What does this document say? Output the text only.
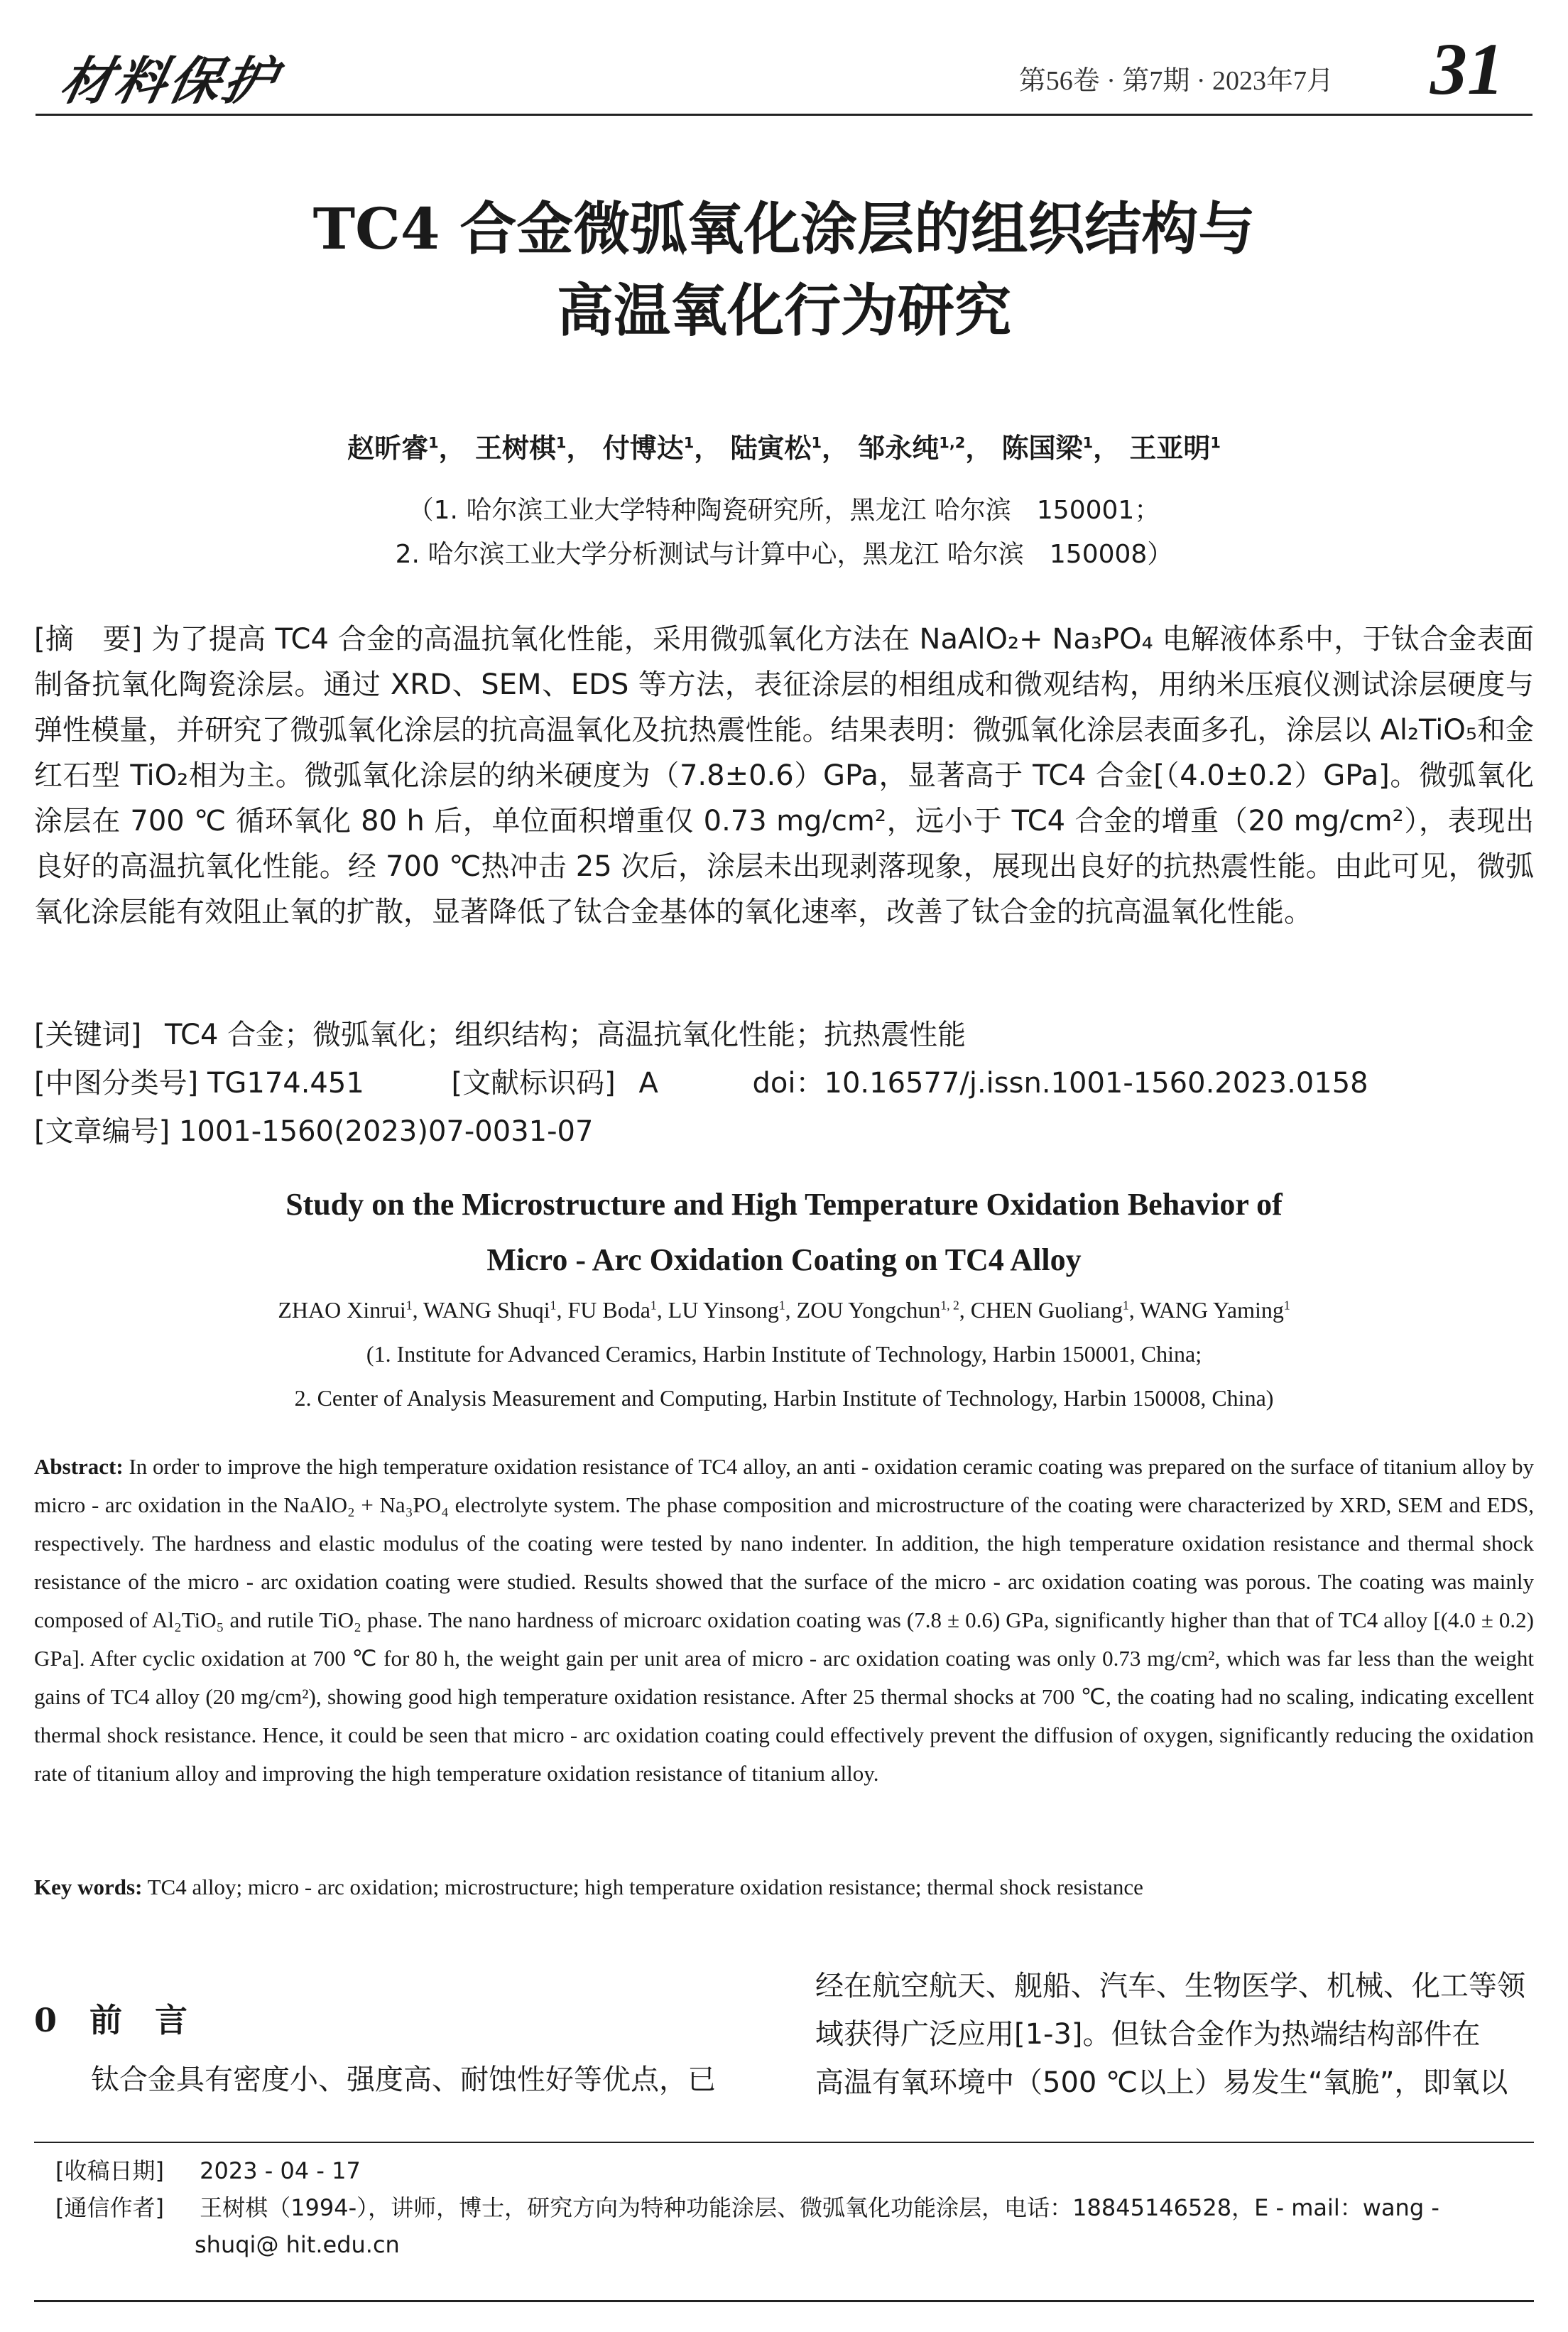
材料保护	第56卷 · 第7期 · 2023年7月 31
TC4 合金微弧氧化涂层的组织结构与
高温氧化行为研究
赵昕睿$^1$， 王树棋$^1$， 付博达$^1$， 陆寅松$^1$， 邹永纯$^{1,2}$， 陈国梁$^1$， 王亚明$^1$
（1. 哈尔滨工业大学特种陶瓷研究所，黑龙江 哈尔滨　150001；
2. 哈尔滨工业大学分析测试与计算中心，黑龙江 哈尔滨　150008）
[摘　要] 为了提高 TC4 合金的高温抗氧化性能，采用微弧氧化方法在 NaAlO₂+ Na₃PO₄ 电解液体系中，于钛合金表面制备抗氧化陶瓷涂层。通过 XRD、SEM、EDS 等方法，表征涂层的相组成和微观结构，用纳米压痕仪测试涂层硬度与弹性模量，并研究了微弧氧化涂层的抗高温氧化及抗热震性能。结果表明：微弧氧化涂层表面多孔，涂层以 Al₂TiO₅和金红石型 TiO₂相为主。微弧氧化涂层的纳米硬度为（7.8±0.6）GPa，显著高于 TC4 合金[（4.0±0.2）GPa]。微弧氧化涂层在 700 ℃ 循环氧化 80 h 后，单位面积增重仅 0.73 mg/cm²，远小于 TC4 合金的增重（20 mg/cm²），表现出良好的高温抗氧化性能。经 700 ℃热冲击 25 次后，涂层未出现剥落现象，展现出良好的抗热震性能。由此可见，微弧氧化涂层能有效阻止氧的扩散，显著降低了钛合金基体的氧化速率，改善了钛合金的抗高温氧化性能。
[关键词] TC4 合金；微弧氧化；组织结构；高温抗氧化性能；抗热震性能
[中图分类号] TG174.451	[文献标识码] A	doi：10.16577/j.issn.1001-1560.2023.0158
[文章编号] 1001-1560(2023)07-0031-07
Study on the Microstructure and High Temperature Oxidation Behavior of
Micro - Arc Oxidation Coating on TC4 Alloy
ZHAO Xinrui$^1$, WANG Shuqi$^1$, FU Boda$^1$, LU Yinsong$^1$, ZOU Yongchun$^{1, 2}$, CHEN Guoliang$^1$, WANG Yaming$^1$
(1. Institute for Advanced Ceramics, Harbin Institute of Technology, Harbin 150001, China;
2. Center of Analysis Measurement and Computing, Harbin Institute of Technology, Harbin 150008, China)
Abstract: In order to improve the high temperature oxidation resistance of TC4 alloy, an anti - oxidation ceramic coating was prepared on the surface of titanium alloy by micro - arc oxidation in the NaAlO₂ + Na₃PO₄ electrolyte system. The phase composition and microstructure of the coating were characterized by XRD, SEM and EDS, respectively. The hardness and elastic modulus of the coating were tested by nano indenter. In addition, the high temperature oxidation resistance and thermal shock resistance of the micro - arc oxidation coating were studied. Results showed that the surface of the micro - arc oxidation coating was porous. The coating was mainly composed of Al₂TiO₅ and rutile TiO₂ phase. The nano hardness of microarc oxidation coating was (7.8 ± 0.6) GPa, significantly higher than that of TC4 alloy [(4.0 ± 0.2) GPa]. After cyclic oxidation at 700 ℃ for 80 h, the weight gain per unit area of micro - arc oxidation coating was only 0.73 mg/cm², which was far less than the weight gains of TC4 alloy (20 mg/cm²), showing good high temperature oxidation resistance. After 25 thermal shocks at 700 ℃, the coating had no scaling, indicating excellent thermal shock resistance. Hence, it could be seen that micro - arc oxidation coating could effectively prevent the diffusion of oxygen, significantly reducing the oxidation rate of titanium alloy and improving the high temperature oxidation resistance of titanium alloy.
Key words: TC4 alloy; micro - arc oxidation; microstructure; high temperature oxidation resistance; thermal shock resistance
0　前　言
钛合金具有密度小、强度高、耐蚀性好等优点，已
经在航空航天、舰船、汽车、生物医学、机械、化工等领
域获得广泛应用[1-3]。但钛合金作为热端结构部件在
高温有氧环境中（500 ℃以上）易发生“氧脆”，即氧以
[收稿日期] 2023 - 04 - 17
[通信作者] 王树棋（1994-），讲师，博士，研究方向为特种功能涂层、微弧氧化功能涂层，电话：18845146528，E - mail：wang -
shuqi@ hit.edu.cn
